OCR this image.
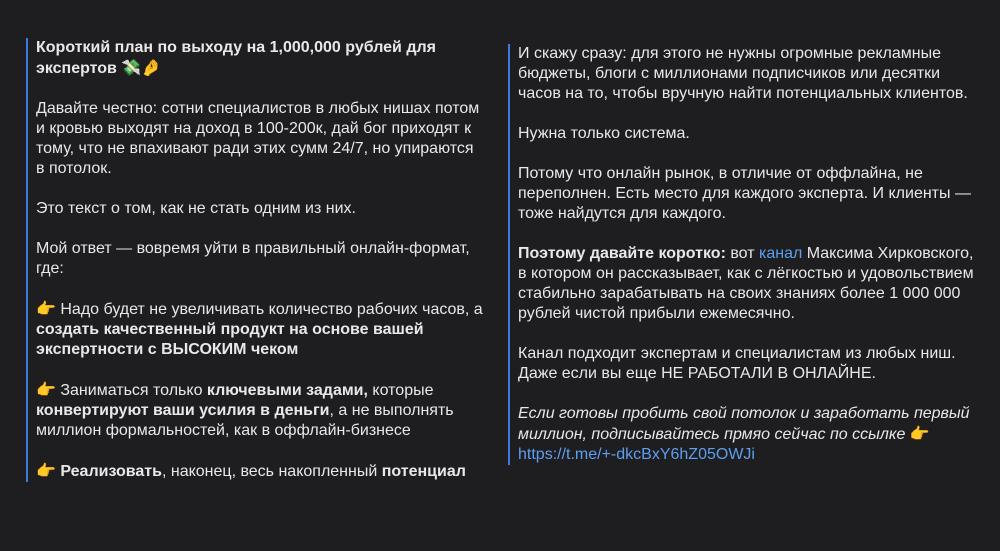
Короткий план по выходу на 1,000,000 рублей для экспертов 💸🤌

Давайте честно: сотни специалистов в любых нишах потом и кровью выходят на доход в 100-200к, дай бог приходят к тому, что не впахивают ради этих сумм 24/7, но упираются в потолок.

Это текст о том, как не стать одним из них.

Мой ответ — вовремя уйти в правильный онлайн-формат, где:

👉 Надо будет не увеличивать количество рабочих часов, а создать качественный продукт на основе вашей экспертности с ВЫСОКИМ чеком

👉 Заниматься только ключевыми задами, которые конвертируют ваши усилия в деньги, а не выполнять миллион формальностей, как в оффлайн-бизнесе

👉 Реализовать, наконец, весь накопленный потенциал

И скажу сразу: для этого не нужны огромные рекламные бюджеты, блоги с миллионами подписчиков или десятки часов на то, чтобы вручную найти потенциальных клиентов.

Нужна только система.

Потому что онлайн рынок, в отличие от оффлайна, не переполнен. Есть место для каждого эксперта. И клиенты — тоже найдутся для каждого.

Поэтому давайте коротко: вот канал Максима Хирковского, в котором он рассказывает, как с лёгкостью и удовольствием стабильно зарабатывать на своих знаниях более 1 000 000 рублей чистой прибыли ежемесячно.

Канал подходит экспертам и специалистам из любых ниш. Даже если вы еще НЕ РАБОТАЛИ В ОНЛАЙНЕ.

Если готовы пробить свой потолок и заработать первый миллион, подписывайтесь прмяо сейчас по ссылке 👉
https://t.me/+-dkcBxY6hZ05OWJi
